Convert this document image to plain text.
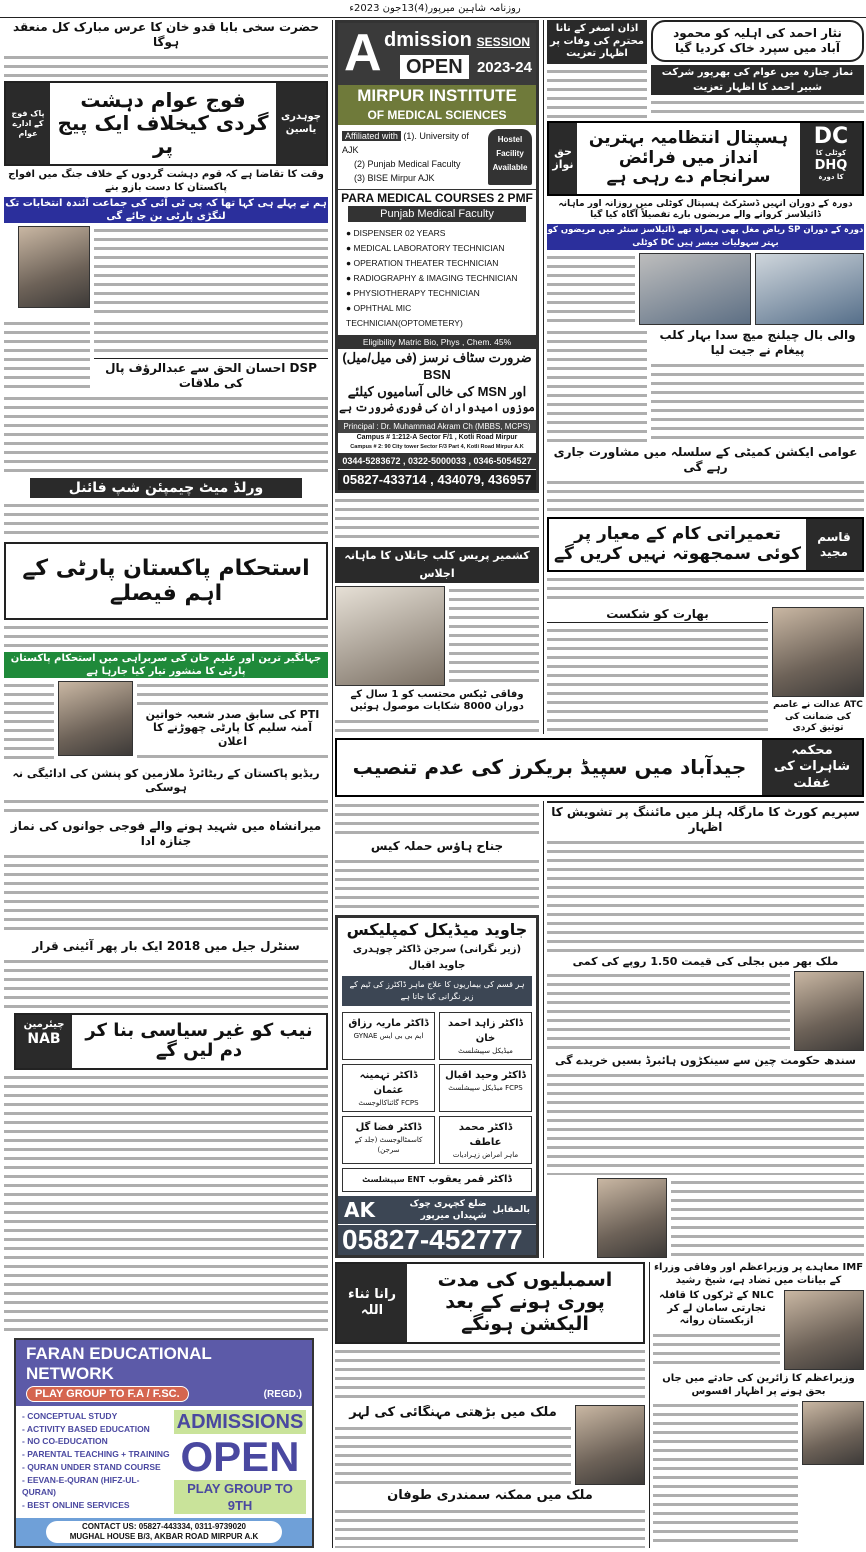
روزنامہ شاہین میرپور(4)13جون 2023ء
حضرت سخی بابا قدو خان کا عرس مبارک کل منعقد ہوگا
پاک فوج کے ادارے عوام
فوج عوام دہشت گردی کیخلاف ایک پیج پر
چوہدری یاسین
وقت کا تقاضا ہے کہ قوم دہشت گردوں کے خلاف جنگ میں افواج پاکستان کا دست بازو بنے
ہم نے پہلے ہی کہا تھا کہ پی ٹی آئی کی جماعت آئندہ انتخابات تک لنگڑی پارٹی بن جائے گی
DSP احسان الحق سے عبدالرؤف پال کی ملاقات
ورلڈ میٹ چیمپئن شپ فائنل
استحکام پاکستان پارٹی کے اہم فیصلے
جہانگیر ترین اور علیم خان کی سربراہی میں استحکام پاکستان پارٹی کا منشور تیار کیا جارہا ہے
PTI کی سابق صدر شعبہ خواتین آمنہ سلیم کا پارٹی چھوڑنے کا اعلان
ریڈیو پاکستان کے ریٹائرڈ ملازمین کو پنشن کی ادائیگی نہ ہوسکی
میرانشاہ میں شہید ہونے والے فوجی جوانوں کی نماز جنازہ ادا
سنٹرل جیل میں 2018 ایک بار پھر آئینی قرار
چیئرمین
NAB	نیب کو غیر سیاسی بنا کر دم لیں گے
FARAN EDUCATIONAL NETWORK
PLAY GROUP TO F.A / F.SC.	(REGD.)
- CONCEPTUAL STUDY
- ACTIVITY BASED EDUCATION
- NO CO-EDUCATION
- PARENTAL TEACHING + TRAINING
- QURAN UNDER STAND COURSE
- EEVAN-E-QURAN (HIFZ-UL-QURAN)
- BEST ONLINE SERVICES
ADMISSIONS
OPEN
PLAY GROUP TO 9TH
CONTACT US: 05827-443334, 0311-9739020
MUGHAL HOUSE B/3, AKBAR ROAD MIRPUR A.K
A dmission
OPEN
SESSION
2023-24
MIRPUR INSTITUTE
OF MEDICAL SCIENCES
Affiliated with (1). University of AJK
(2) Punjab Medical Faculty
(3) BISE Mirpur AJK
Hostel
Facility
Available
PARA MEDICAL COURSES 2 PMF
Punjab Medical Faculty
● DISPENSER 02 YEARS
● MEDICAL LABORATORY TECHNICIAN
● OPERATION THEATER TECHNICIAN
● RADIOGRAPHY & IMAGING TECHNICIAN
● PHYSIOTHERAPY TECHNICIAN
● OPHTHAL MIC TECHNICIAN(OPTOMETERY)
Eligibility Matric Bio, Phys , Chem. 45%
ضرورت سٹاف نرسز (فی میل/میل) BSN
اور MSN کی خالی آسامیوں کیلئے
موزوں امیدواران کی فوری ضرورت ہے
Principal : Dr. Muhammad Akram Ch (MBBS, MCPS)
Campus # 1:212-A Sector F/1 , Kotli Road Mirpur
Campus # 2: 90 City tower Sector F/3 Part 4, Kotli Road Mirpur A.K
0344-5283672 , 0322-5000033 , 0346-5054527
05827-433714 , 434079, 436957
کشمیر پریس کلب جاتلاں کا ماہانہ اجلاس
وفاقی ٹیکس محتسب کو 1 سال کے دوران 8000 شکایات موصول ہوئیں
اذان اصغر کے نانا محترم کی وفات پر اظہار تعزیت
نثار احمد کی اہلیہ کو محمود آباد میں سپرد خاک کردیا گیا
نماز جنازہ میں عوام کی بھرپور شرکت شبیر احمد کا اظہار تعزیت
حق نواز
ہسپتال انتظامیہ بہترین انداز میں فرائض سرانجام دے رہی ہے
DC
کوٹلی کا
DHQ
کا دورہ
دورہ کے دوران انہیں ڈسٹرکٹ ہسپتال کوٹلی میں روزانہ اور ماہانہ ڈائیلاسز کروانے والے مریضوں بارے تفصیلاً آگاہ کیا گیا
دورہ کے دوران SP ریاض مغل بھی ہمراہ تھے ڈائیلاسز سنٹر میں مریضوں کو بہتر سہولیات میسر ہیں DC کوٹلی
والی بال چیلنج میچ سدا بہار کلب پیغام نے جیت لیا
عوامی ایکشن کمیٹی کے سلسلہ میں مشاورت جاری رہے گی
تعمیراتی کام کے معیار پر کوئی سمجھوتہ نہیں کریں گے
قاسم مجید
بھارت کو شکست
ATC عدالت نے عاصم کی ضمانت کی توثیق کردی
جیدآباد میں سپیڈ بریکرز کی عدم تنصیب
محکمہ شاہرات کی غفلت
جناح ہاؤس حملہ کیس
جاوید میڈیکل کمپلیکس
(زیر نگرانی) سرجن ڈاکٹر چوہدری جاوید اقبال
ہر قسم کی بیماریوں کا علاج ماہر ڈاکٹرز کی ٹیم کے زیر نگرانی کیا جاتا ہے
ڈاکٹر زاہد احمد خان
میڈیکل سپیشلسٹ
ڈاکٹر ماریہ رزاق
ایم بی بی ایس GYNAE
ڈاکٹر وحید اقبال
FCPS میڈیکل سپیشلسٹ
ڈاکٹر تہمینہ عثمان
FCPS گائناکالوجسٹ
ڈاکٹر محمد عاطف
ماہر امراض زہرادیات
ڈاکٹر فضا گل
کاسمٹالوجسٹ (جلد کے سرجن)
ڈاکٹر قمر یعقوب ENT سپیشلسٹ
بالمقابل
ضلع کچہری چوک شہیداں میرپور
AK
05827-452777
سپریم کورٹ کا مارگلہ ہلز میں مائننگ پر تشویش کا اظہار
ملک بھر میں بجلی کی قیمت 1.50 روپے کی کمی
سندھ حکومت چین سے سینکڑوں ہائبرڈ بسیں خریدے گی
رانا ثناء اللہ
اسمبلیوں کی مدت پوری ہونے کے بعد الیکشن ہونگے
ملک میں بڑھتی مہنگائی کی لہر
ملک میں ممکنہ سمندری طوفان
IMF معاہدے پر وزیراعظم اور وفاقی وزراء کے بیانات میں تضاد ہے، شیخ رشید
NLC کے ٹرکوں کا قافلہ تجارتی سامان لے کر ازبکستان روانہ
وزیراعظم کا زائرین کی حادثے میں جاں بحق ہونے پر اظہار افسوس
